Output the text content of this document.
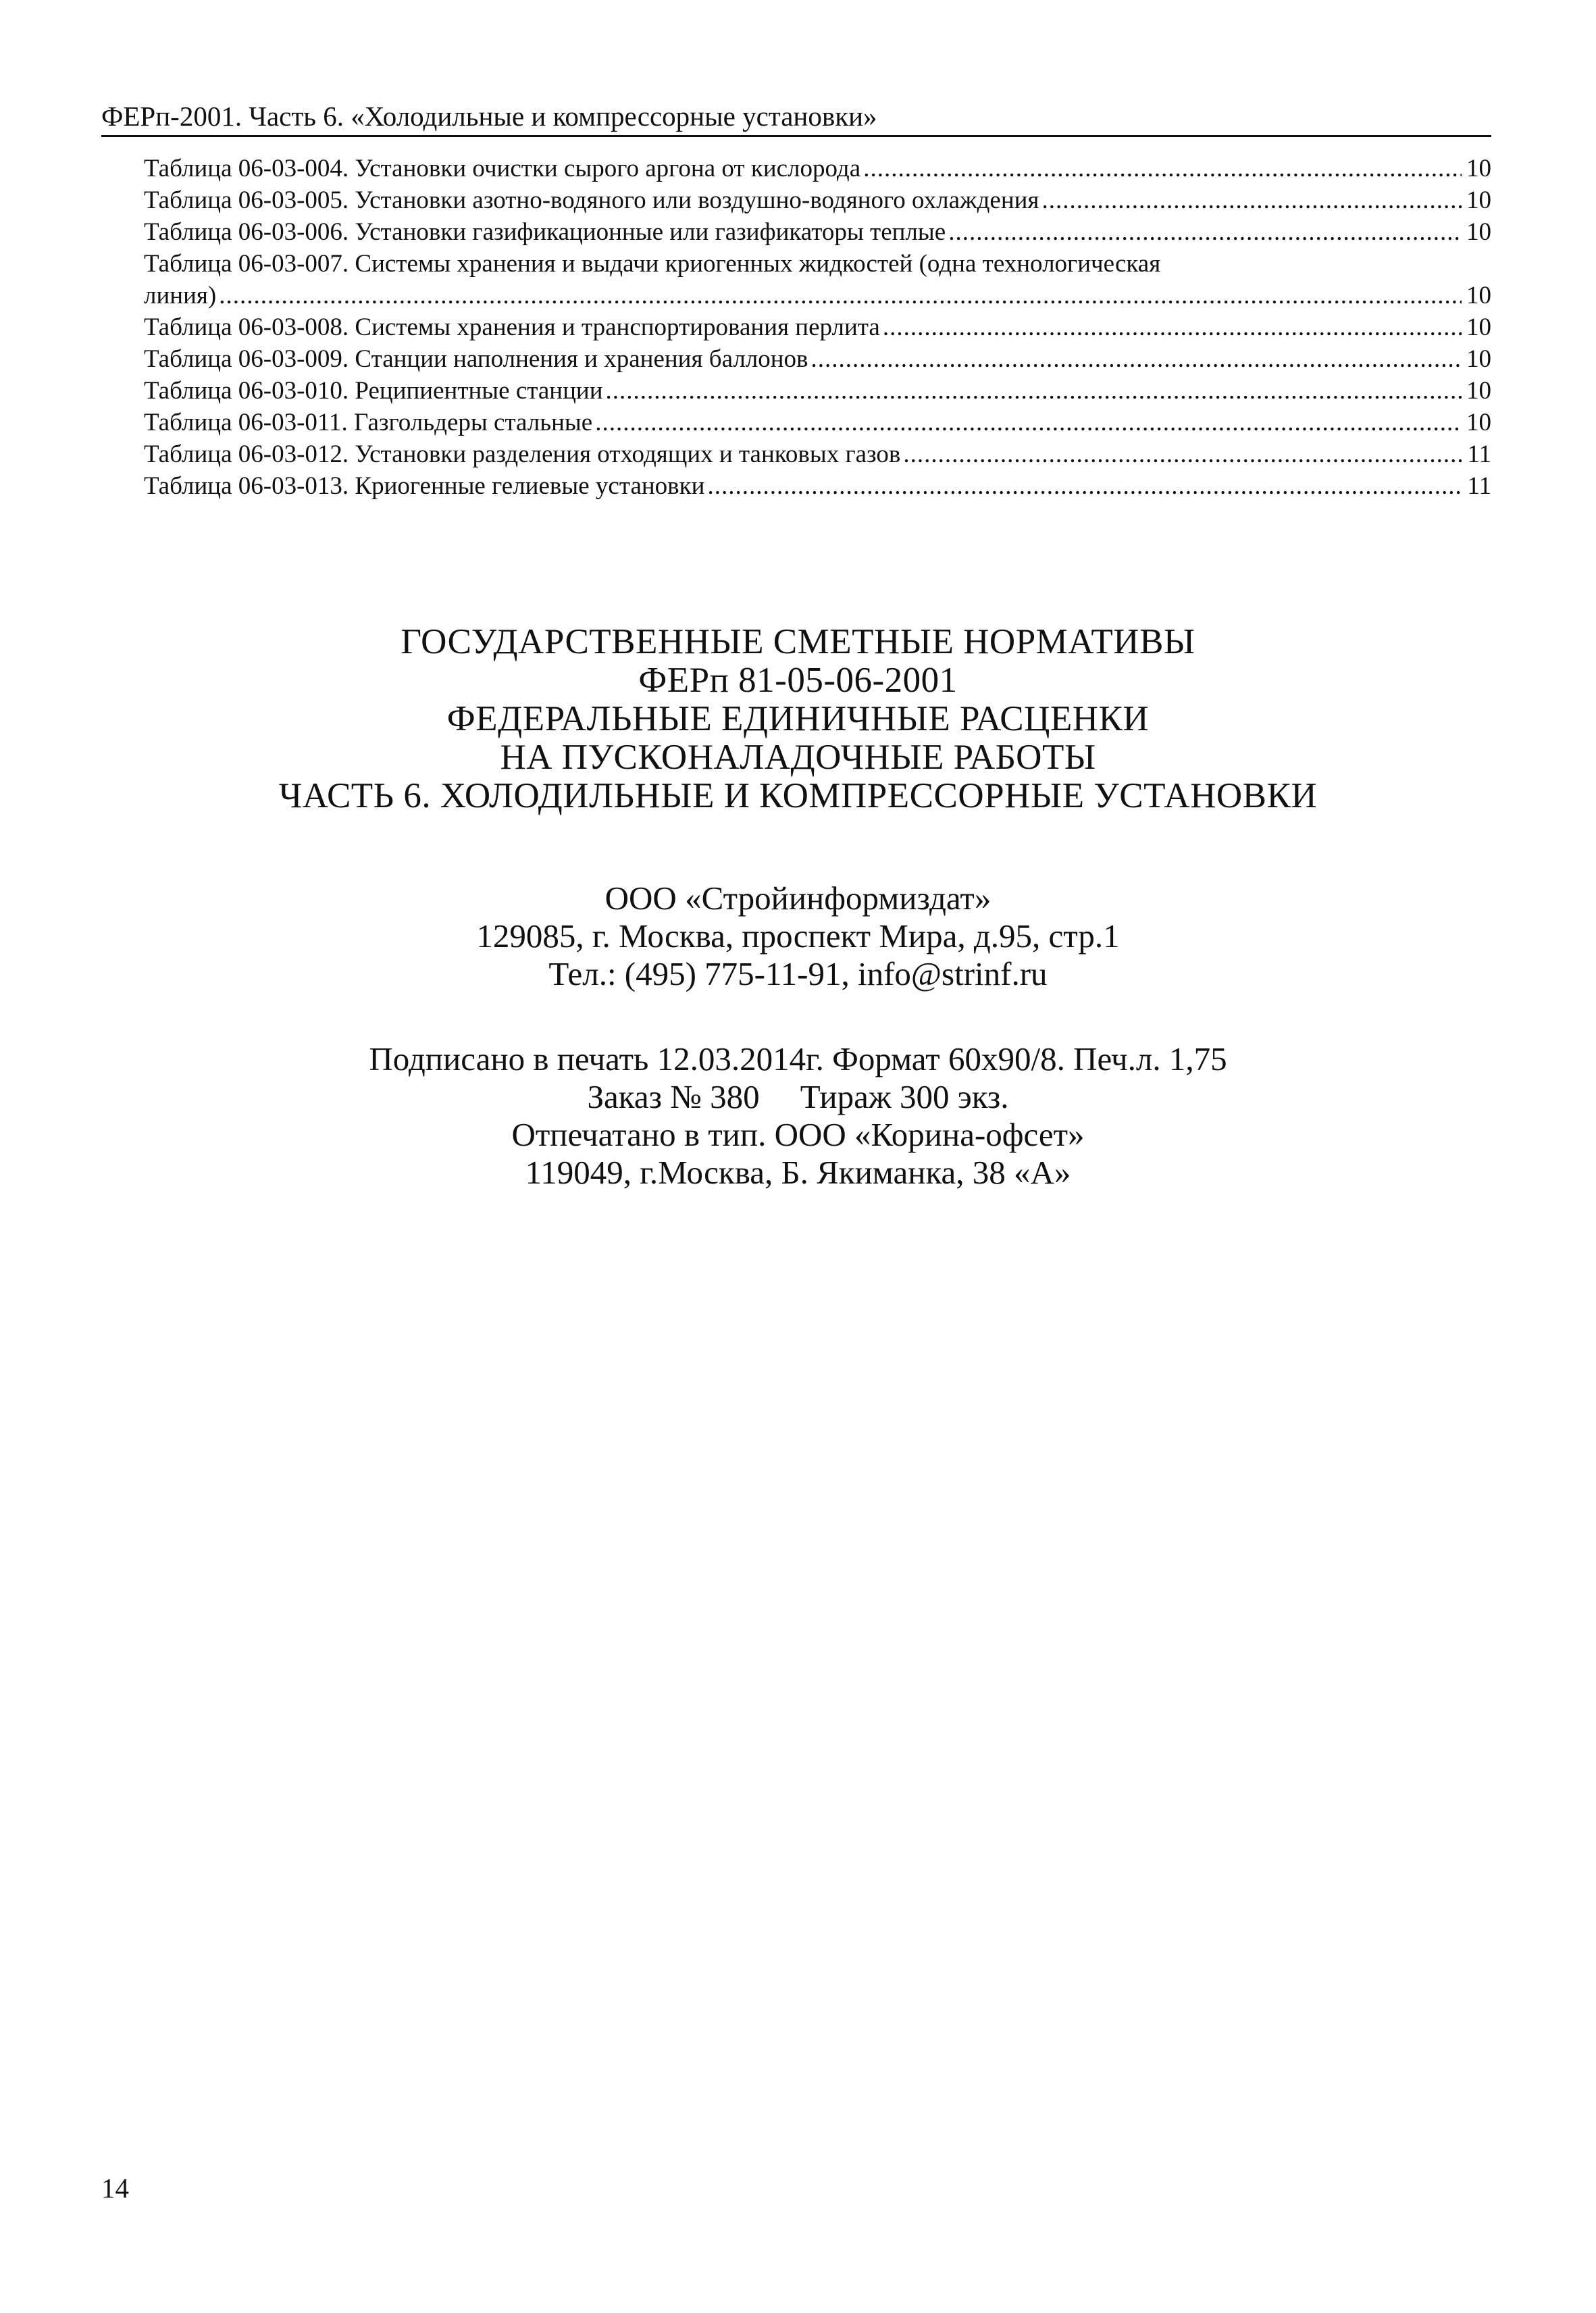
ФЕРп-2001. Часть 6. «Холодильные и компрессорные установки»
Таблица 06-03-004. Установки очистки сырого аргона от кислорода .....	10
Таблица 06-03-005. Установки азотно-водяного или воздушно-водяного охлаждения .....	10
Таблица 06-03-006. Установки газификационные или газификаторы теплые .....	10
Таблица 06-03-007. Системы хранения и выдачи криогенных жидкостей (одна технологическая
линия) .....	10
Таблица 06-03-008. Системы хранения и транспортирования перлита .....	10
Таблица 06-03-009. Станции наполнения и хранения баллонов .....	10
Таблица 06-03-010. Реципиентные станции .....	10
Таблица 06-03-011. Газгольдеры стальные .....	10
Таблица 06-03-012. Установки разделения отходящих и танковых газов .....	11
Таблица 06-03-013. Криогенные гелиевые установки .....	11
ГОСУДАРСТВЕННЫЕ СМЕТНЫЕ НОРМАТИВЫ
ФЕРп 81-05-06-2001
ФЕДЕРАЛЬНЫЕ ЕДИНИЧНЫЕ РАСЦЕНКИ
НА ПУСКОНАЛАДОЧНЫЕ РАБОТЫ
ЧАСТЬ 6. ХОЛОДИЛЬНЫЕ И КОМПРЕССОРНЫЕ УСТАНОВКИ
ООО «Стройинформиздат»
129085, г. Москва, проспект Мира, д.95, стр.1
Тел.: (495) 775-11-91, info@strinf.ru
Подписано в печать 12.03.2014г. Формат 60х90/8. Печ.л. 1,75
Заказ № 380 Тираж 300 экз.
Отпечатано в тип. ООО «Корина-офсет»
119049, г.Москва, Б. Якиманка, 38 «А»
14
